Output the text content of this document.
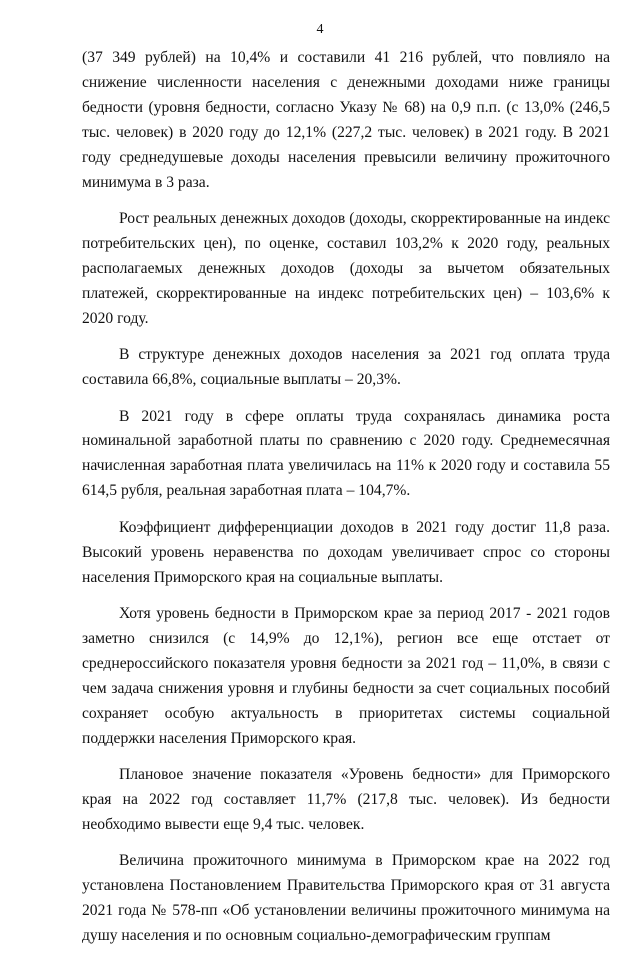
4

(37 349 рублей) на 10,4% и составили 41 216 рублей, что повлияло на снижение численности населения с денежными доходами ниже границы бедности (уровня бедности, согласно Указу № 68) на 0,9 п.п. (с 13,0% (246,5 тыс. человек) в 2020 году до 12,1% (227,2 тыс. человек) в 2021 году. В 2021 году среднедушевые доходы населения превысили величину прожиточного минимума в 3 раза.

Рост реальных денежных доходов (доходы, скорректированные на индекс потребительских цен), по оценке, составил 103,2% к 2020 году, реальных располагаемых денежных доходов (доходы за вычетом обязательных платежей, скорректированные на индекс потребительских цен) – 103,6% к 2020 году.

В структуре денежных доходов населения за 2021 год оплата труда составила 66,8%, социальные выплаты – 20,3%.

В 2021 году в сфере оплаты труда сохранялась динамика роста номинальной заработной платы по сравнению с 2020 году. Среднемесячная начисленная заработная плата увеличилась на 11% к 2020 году и составила 55 614,5 рубля, реальная заработная плата – 104,7%.

Коэффициент дифференциации доходов в 2021 году достиг 11,8 раза. Высокий уровень неравенства по доходам увеличивает спрос со стороны населения Приморского края на социальные выплаты.

Хотя уровень бедности в Приморском крае за период 2017 - 2021 годов заметно снизился (с 14,9% до 12,1%), регион все еще отстает от среднероссийского показателя уровня бедности за 2021 год – 11,0%, в связи с чем задача снижения уровня и глубины бедности за счет социальных пособий сохраняет особую актуальность в приоритетах системы социальной поддержки населения Приморского края.

Плановое значение показателя «Уровень бедности» для Приморского края на 2022 год составляет 11,7% (217,8 тыс. человек). Из бедности необходимо вывести еще 9,4 тыс. человек.

Величина прожиточного минимума в Приморском крае на 2022 год установлена Постановлением Правительства Приморского края от 31 августа 2021 года № 578-пп «Об установлении величины прожиточного минимума на душу населения и по основным социально-демографическим группам
